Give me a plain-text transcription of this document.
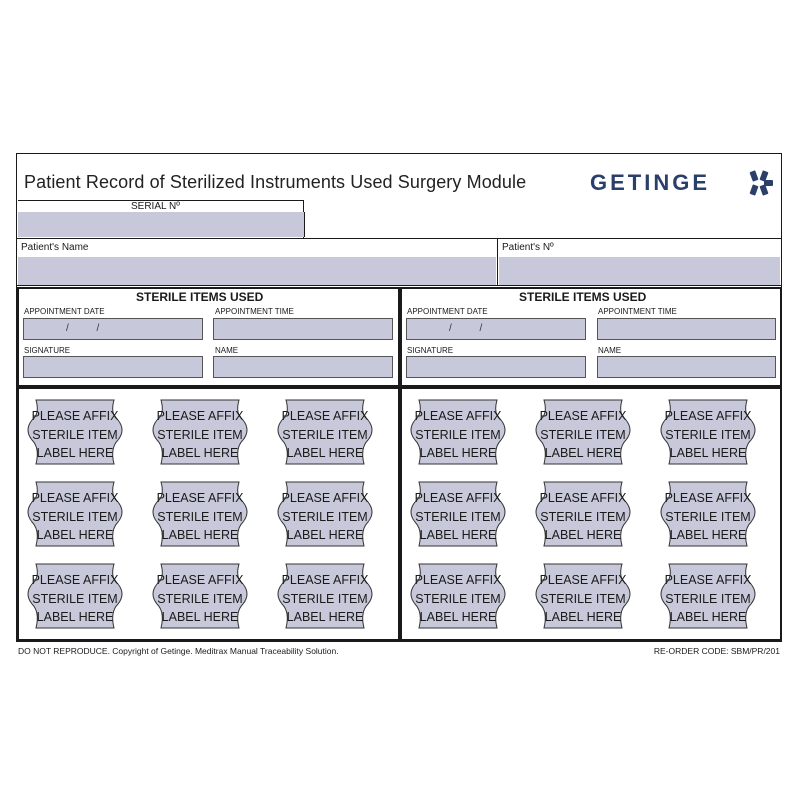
Patient Record of Sterilized Instruments Used Surgery Module	GETINGE
SERIAL Nº
Patient's Name	Patient's Nº
STERILE ITEMS USED
APPOINTMENT DATE
/          /
APPOINTMENT TIME
SIGNATURE	NAME
STERILE ITEMS USED
APPOINTMENT DATE
/          /
APPOINTMENT TIME
SIGNATURE	NAME
PLEASE AFFIX
STERILE ITEM
LABEL HERE
PLEASE AFFIX
STERILE ITEM
LABEL HERE
PLEASE AFFIX
STERILE ITEM
LABEL HERE
PLEASE AFFIX
STERILE ITEM
LABEL HERE
PLEASE AFFIX
STERILE ITEM
LABEL HERE
PLEASE AFFIX
STERILE ITEM
LABEL HERE
PLEASE AFFIX
STERILE ITEM
LABEL HERE
PLEASE AFFIX
STERILE ITEM
LABEL HERE
PLEASE AFFIX
STERILE ITEM
LABEL HERE
PLEASE AFFIX
STERILE ITEM
LABEL HERE
PLEASE AFFIX
STERILE ITEM
LABEL HERE
PLEASE AFFIX
STERILE ITEM
LABEL HERE
PLEASE AFFIX
STERILE ITEM
LABEL HERE
PLEASE AFFIX
STERILE ITEM
LABEL HERE
PLEASE AFFIX
STERILE ITEM
LABEL HERE
PLEASE AFFIX
STERILE ITEM
LABEL HERE
PLEASE AFFIX
STERILE ITEM
LABEL HERE
PLEASE AFFIX
STERILE ITEM
LABEL HERE
DO NOT REPRODUCE. Copyright of Getinge. Meditrax Manual Traceability Solution.	RE-ORDER CODE: SBM/PR/201
